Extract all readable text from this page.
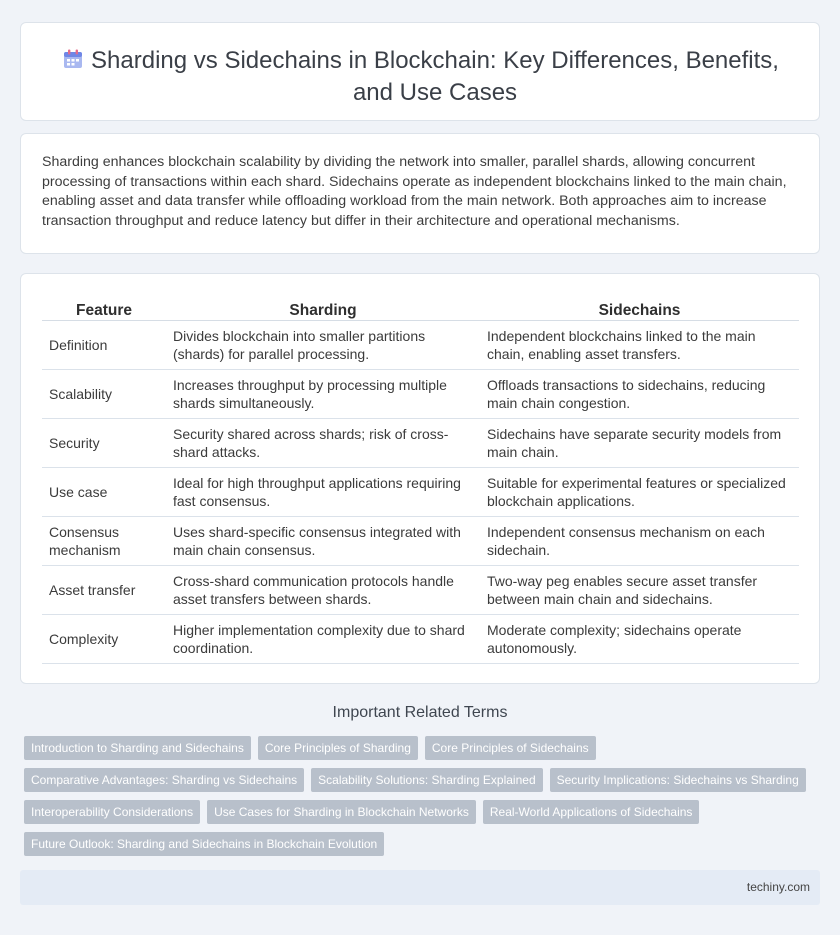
Sharding vs Sidechains in Blockchain: Key Differences, Benefits, and Use Cases

Sharding enhances blockchain scalability by dividing the network into smaller, parallel shards, allowing concurrent processing of transactions within each shard. Sidechains operate as independent blockchains linked to the main chain, enabling asset and data transfer while offloading workload from the main network. Both approaches aim to increase transaction throughput and reduce latency but differ in their architecture and operational mechanisms.

Feature	Sharding	Sidechains
Definition	Divides blockchain into smaller partitions (shards) for parallel processing.	Independent blockchains linked to the main chain, enabling asset transfers.
Scalability	Increases throughput by processing multiple shards simultaneously.	Offloads transactions to sidechains, reducing main chain congestion.
Security	Security shared across shards; risk of cross-shard attacks.	Sidechains have separate security models from main chain.
Use case	Ideal for high throughput applications requiring fast consensus.	Suitable for experimental features or specialized blockchain applications.
Consensus mechanism	Uses shard-specific consensus integrated with main chain consensus.	Independent consensus mechanism on each sidechain.
Asset transfer	Cross-shard communication protocols handle asset transfers between shards.	Two-way peg enables secure asset transfer between main chain and sidechains.
Complexity	Higher implementation complexity due to shard coordination.	Moderate complexity; sidechains operate autonomously.
Important Related Terms
Introduction to Sharding and Sidechains	Core Principles of Sharding	Core Principles of Sidechains
Comparative Advantages: Sharding vs Sidechains	Scalability Solutions: Sharding Explained	Security Implications: Sidechains vs Sharding
Interoperability Considerations	Use Cases for Sharding in Blockchain Networks	Real-World Applications of Sidechains
Future Outlook: Sharding and Sidechains in Blockchain Evolution
techiny.com
